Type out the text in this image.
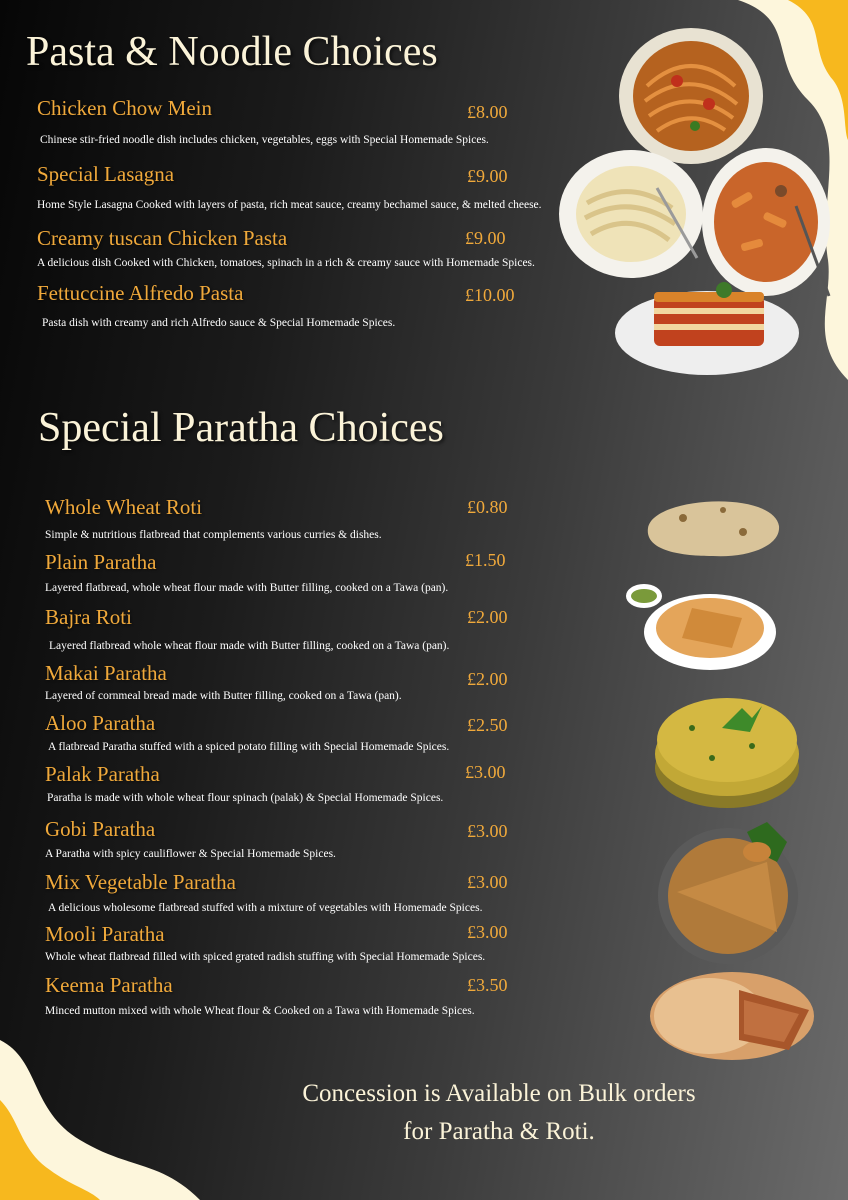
Pasta & Noodle Choices
Chicken Chow Mein	£8.00
Chinese stir-fried noodle dish includes chicken, vegetables, eggs with Special Homemade Spices.
Special Lasagna	£9.00
Home Style Lasagna Cooked with layers of pasta, rich meat sauce, creamy bechamel sauce, & melted cheese.
Creamy tuscan Chicken Pasta	£9.00
A delicious dish Cooked with Chicken, tomatoes, spinach in a rich & creamy sauce with Homemade Spices.
Fettuccine Alfredo Pasta	£10.00
Pasta dish with creamy and rich Alfredo sauce & Special Homemade Spices.
Special Paratha Choices
Whole Wheat Roti	£0.80
Simple & nutritious flatbread that complements various curries & dishes.
Plain Paratha	£1.50
Layered flatbread, whole wheat flour made with Butter filling, cooked on a Tawa (pan).
Bajra Roti	£2.00
Layered flatbread whole wheat flour made with Butter filling, cooked on a Tawa (pan).
Makai Paratha	£2.00
Layered of cornmeal bread made with Butter filling, cooked on a Tawa (pan).
Aloo Paratha	£2.50
A flatbread Paratha stuffed with a spiced potato filling with Special Homemade Spices.
Palak Paratha	£3.00
Paratha is made with whole wheat flour spinach (palak) & Special Homemade Spices.
Gobi Paratha	£3.00
A Paratha with spicy cauliflower & Special Homemade Spices.
Mix Vegetable Paratha	£3.00
A delicious wholesome flatbread stuffed with a mixture of vegetables with Homemade Spices.
Mooli Paratha	£3.00
Whole wheat flatbread filled with spiced grated radish stuffing with Special Homemade Spices.
Keema Paratha	£3.50
Minced mutton mixed with whole Wheat flour & Cooked on a Tawa with Homemade Spices.
Concession is Available on Bulk orders
for Paratha & Roti.
